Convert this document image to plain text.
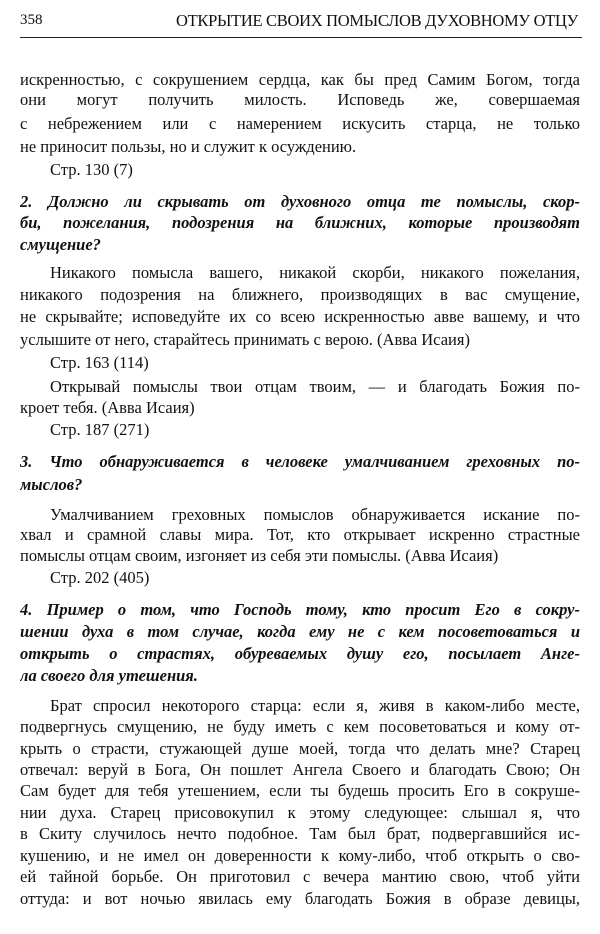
358	ОТКРЫТИЕ СВОИХ ПОМЫСЛОВ ДУХОВНОМУ ОТЦУ
искренностью, с сокрушением сердца, как бы пред Самим Богом, тогда
они могут получить милость. Исповедь же, совершаемая
с небрежением или с намерением искусить старца, не только
не приносит пользы, но и служит к осуждению.
Стр. 130 (7)
2. Должно ли скрывать от духовного отца те помыслы, скор-
би, пожелания, подозрения на ближних, которые производят
смущение?
Никакого помысла вашего, никакой скорби, никакого пожелания,
никакого подозрения на ближнего, производящих в вас смущение,
не скрывайте; исповедуйте их со всею искренностью авве вашему, и что
услышите от него, старайтесь принимать с верою. (Авва Исаия)
Стр. 163 (114)
Открывай помыслы твои отцам твоим, — и благодать Божия по-
кроет тебя. (Авва Исаия)
Стр. 187 (271)
3. Что обнаруживается в человеке умалчиванием греховных по-
мыслов?
Умалчиванием греховных помыслов обнаруживается искание по-
хвал и срамной славы мира. Тот, кто открывает искренно страстные
помыслы отцам своим, изгоняет из себя эти помыслы. (Авва Исаия)
Стр. 202 (405)
4. Пример о том, что Господь тому, кто просит Его в сокру-
шении духа в том случае, когда ему не с кем посоветоваться и
открыть о страстях, обуреваемых душу его, посылает Анге-
ла своего для утешения.
Брат спросил некоторого старца: если я, живя в каком-либо месте,
подвергнусь смущению, не буду иметь с кем посоветоваться и кому от-
крыть о страсти, стужающей душе моей, тогда что делать мне? Старец
отвечал: веруй в Бога, Он пошлет Ангела Своего и благодать Свою; Он
Сам будет для тебя утешением, если ты будешь просить Его в сокруше-
нии духа. Старец присовокупил к этому следующее: слышал я, что
в Скиту случилось нечто подобное. Там был брат, подвергавшийся ис-
кушению, и не имел он доверенности к кому-либо, чтоб открыть о сво-
ей тайной борьбе. Он приготовил с вечера мантию свою, чтоб уйти
оттуда: и вот ночью явилась ему благодать Божия в образе девицы,
